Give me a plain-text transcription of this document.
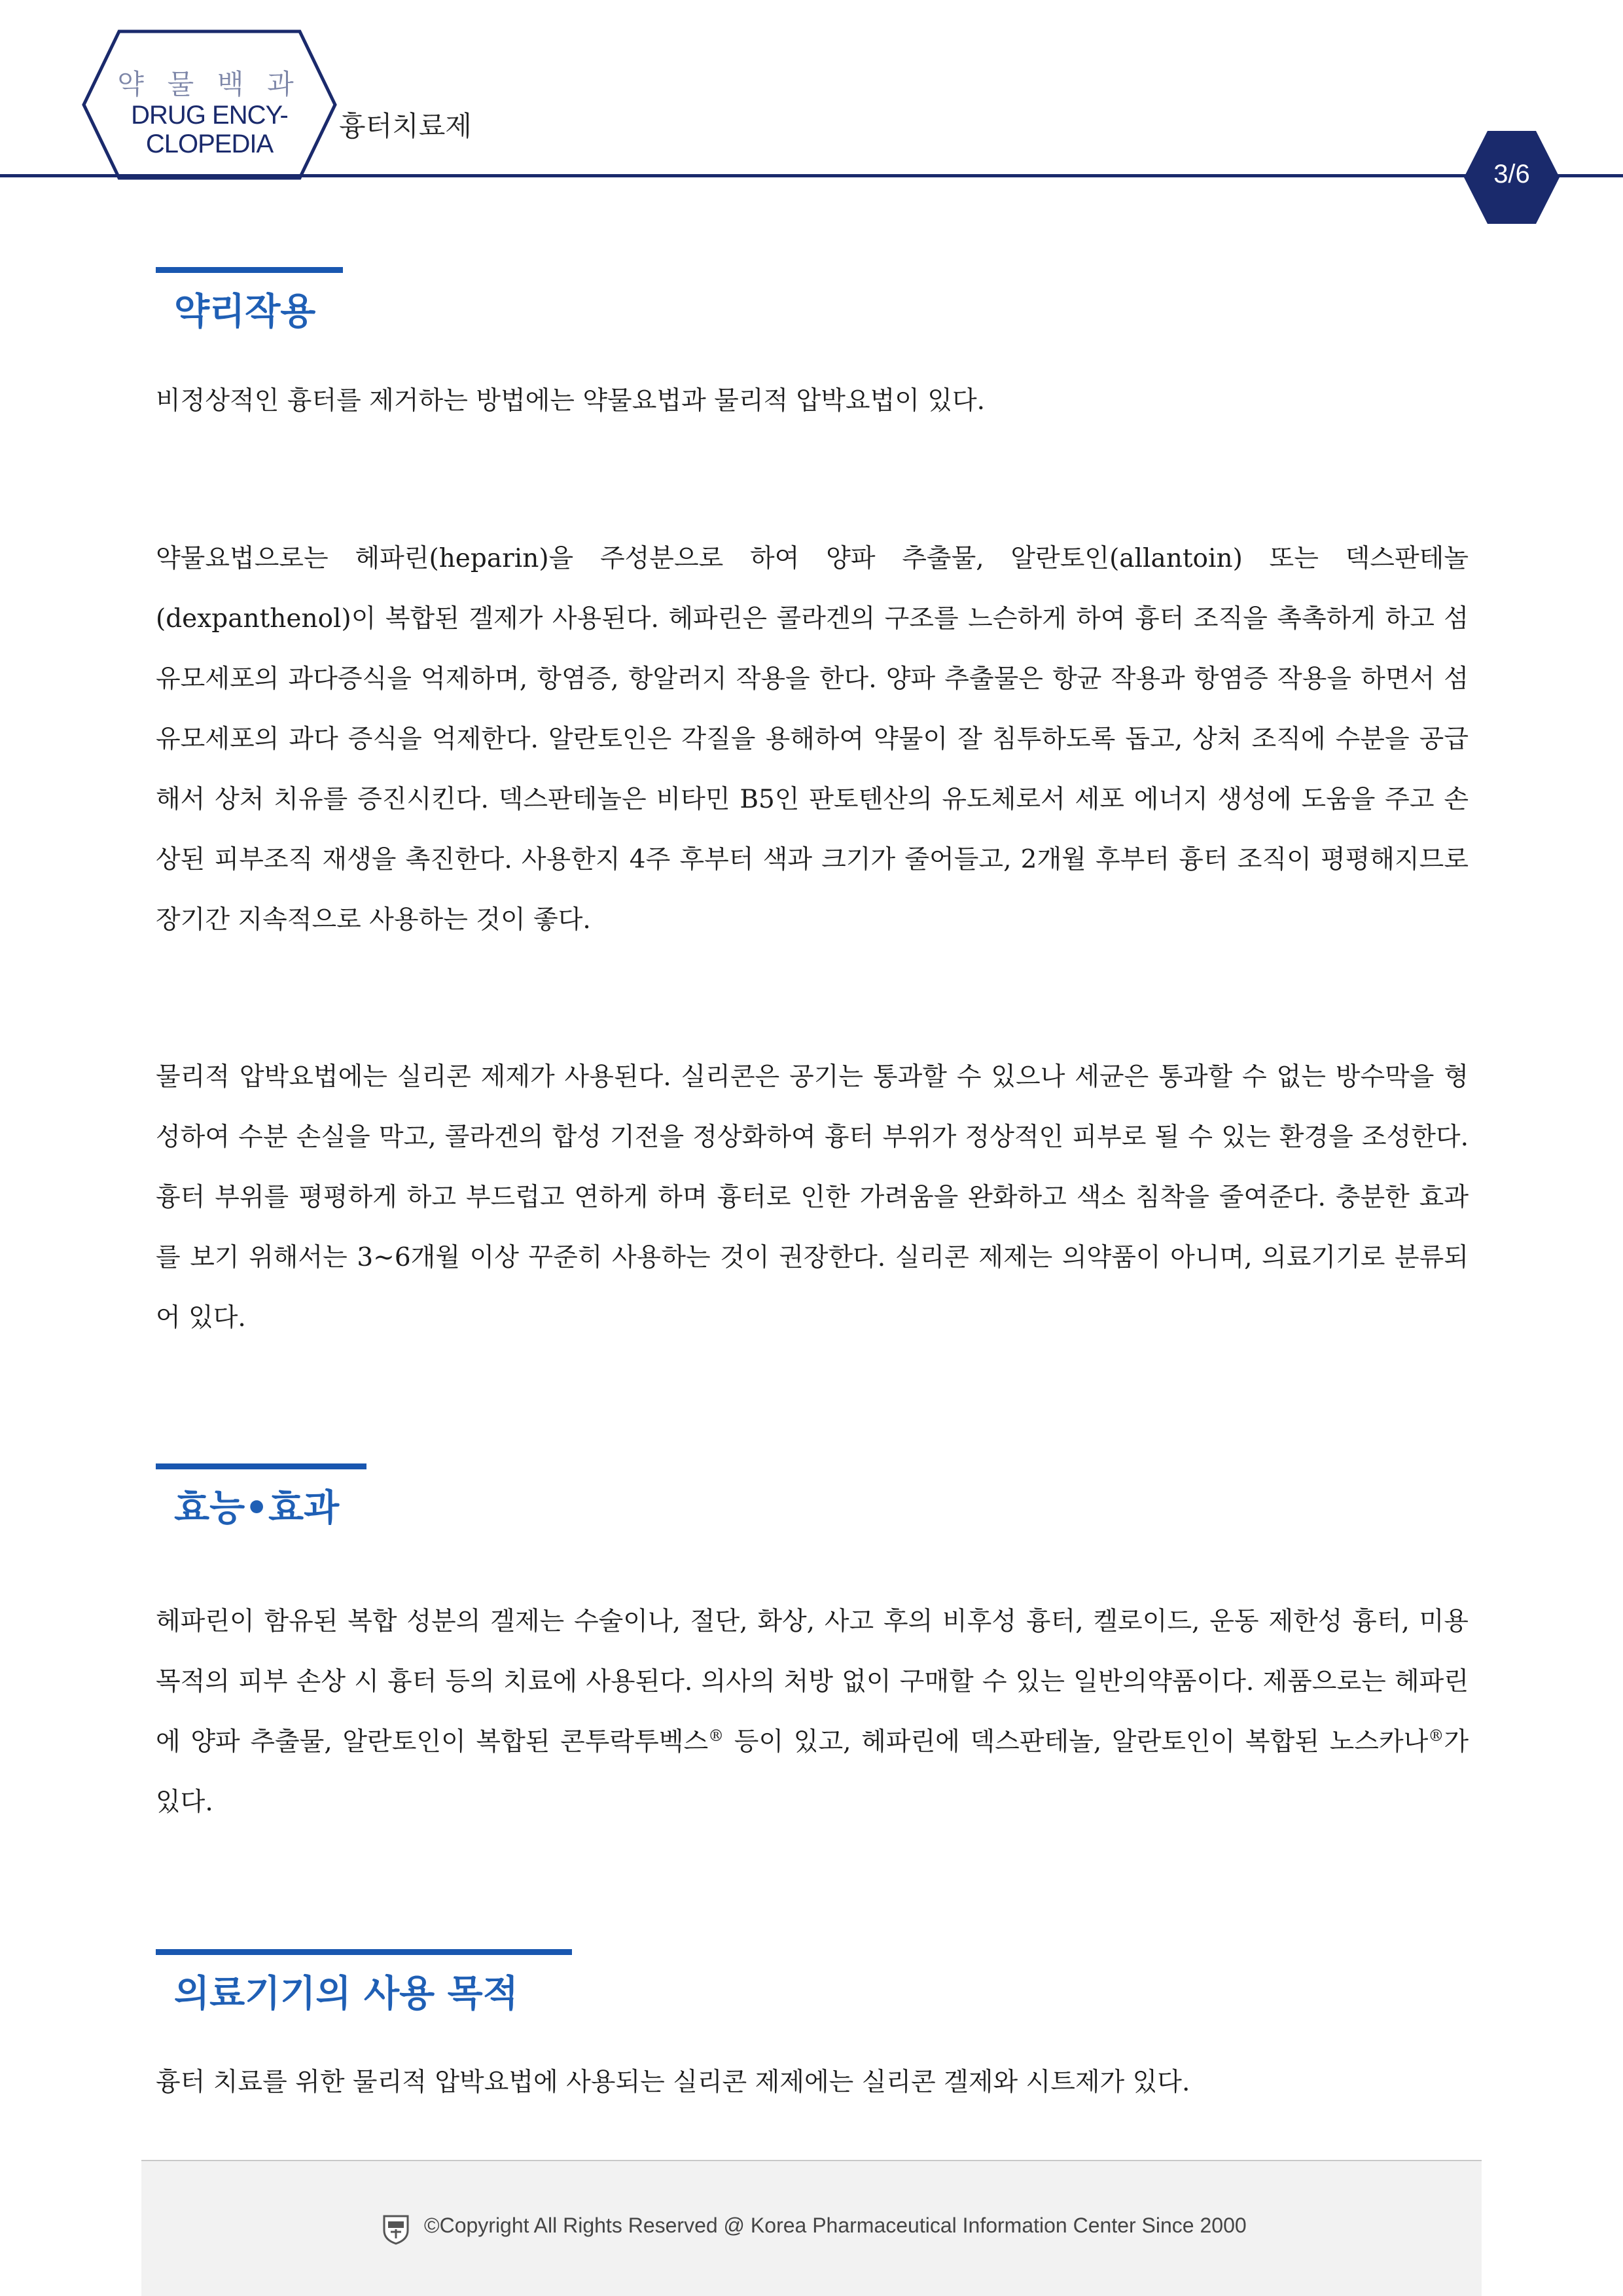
약 물 백 과
DRUG ENCY-
CLOPEDIA
흉터치료제
3/6
약리작용

비정상적인 흉터를 제거하는 방법에는 약물요법과 물리적 압박요법이 있다.

약물요법으로는 헤파린(heparin)을 주성분으로 하여 양파 추출물, 알란토인(allantoin) 또는 덱스판테놀(dexpanthenol)이 복합된 겔제가 사용된다. 헤파린은 콜라겐의 구조를 느슨하게 하여 흉터 조직을 촉촉하게 하고 섬유모세포의 과다증식을 억제하며, 항염증, 항알러지 작용을 한다. 양파 추출물은 항균 작용과 항염증 작용을 하면서 섬유모세포의 과다 증식을 억제한다. 알란토인은 각질을 용해하여 약물이 잘 침투하도록 돕고, 상처 조직에 수분을 공급해서 상처 치유를 증진시킨다. 덱스판테놀은 비타민 B5인 판토텐산의 유도체로서 세포 에너지 생성에 도움을 주고 손상된 피부조직 재생을 촉진한다. 사용한지 4주 후부터 색과 크기가 줄어들고, 2개월 후부터 흉터 조직이 평평해지므로 장기간 지속적으로 사용하는 것이 좋다.

물리적 압박요법에는 실리콘 제제가 사용된다. 실리콘은 공기는 통과할 수 있으나 세균은 통과할 수 없는 방수막을 형성하여 수분 손실을 막고, 콜라겐의 합성 기전을 정상화하여 흉터 부위가 정상적인 피부로 될 수 있는 환경을 조성한다. 흉터 부위를 평평하게 하고 부드럽고 연하게 하며 흉터로 인한 가려움을 완화하고 색소 침착을 줄여준다. 충분한 효과를 보기 위해서는 3~6개월 이상 꾸준히 사용하는 것이 권장한다. 실리콘 제제는 의약품이 아니며, 의료기기로 분류되어 있다.

효능•효과

헤파린이 함유된 복합 성분의 겔제는 수술이나, 절단, 화상, 사고 후의 비후성 흉터, 켈로이드, 운동 제한성 흉터, 미용 목적의 피부 손상 시 흉터 등의 치료에 사용된다. 의사의 처방 없이 구매할 수 있는 일반의약품이다. 제품으로는 헤파린에 양파 추출물, 알란토인이 복합된 콘투락투벡스® 등이 있고, 헤파린에 덱스판테놀, 알란토인이 복합된 노스카나®가 있다.

의료기기의 사용 목적

흉터 치료를 위한 물리적 압박요법에 사용되는 실리콘 제제에는 실리콘 겔제와 시트제가 있다.

©Copyright All Rights Reserved @ Korea Pharmaceutical Information Center Since 2000
